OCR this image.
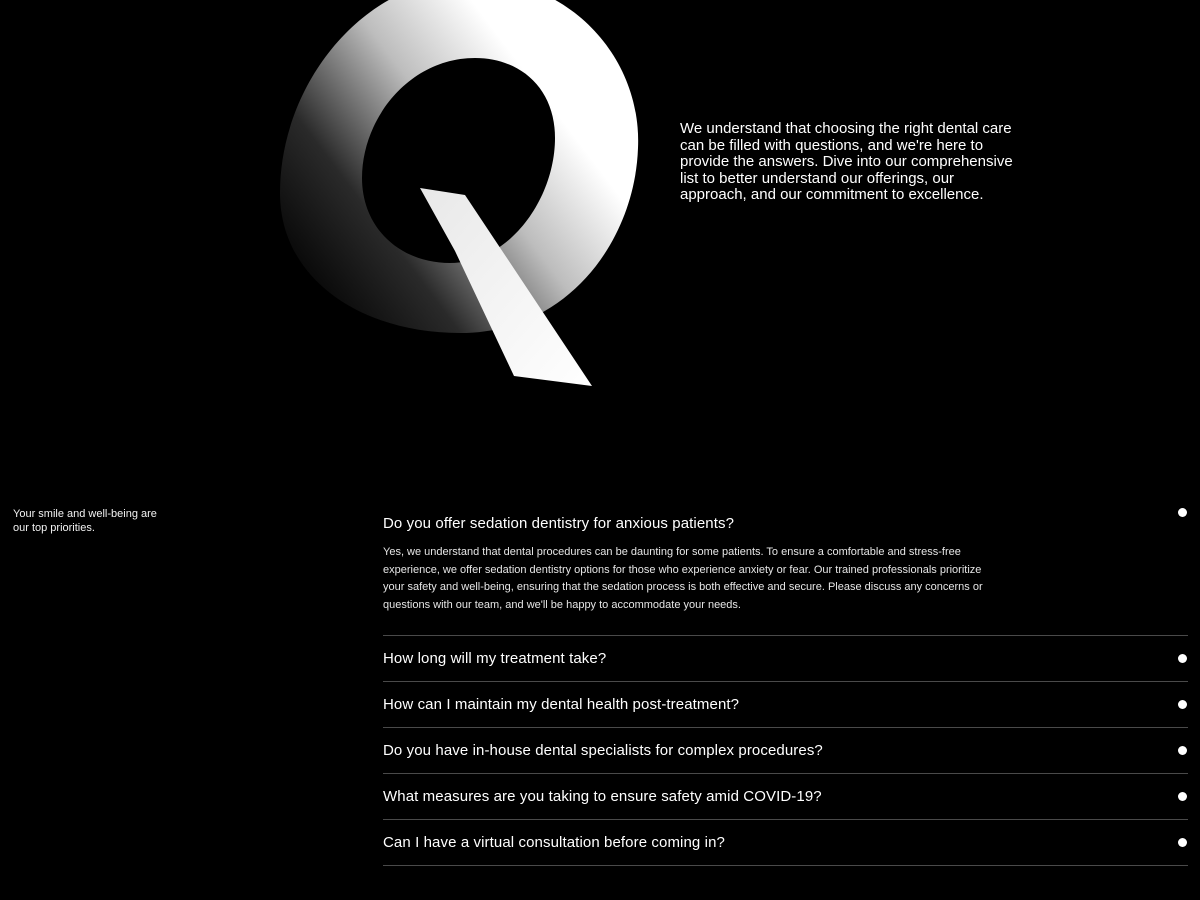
We understand that choosing the right dental care can be filled with questions, and we're here to provide the answers. Dive into our comprehensive list to better understand our offerings, our approach, and our commitment to excellence.

Your smile and well-being are our top priorities.	Do you offer sedation dentistry for anxious patients?

Yes, we understand that dental procedures can be daunting for some patients. To ensure a comfortable and stress-free experience, we offer sedation dentistry options for those who experience anxiety or fear. Our trained professionals prioritize your safety and well-being, ensuring that the sedation process is both effective and secure. Please discuss any concerns or questions with our team, and we'll be happy to accommodate your needs.

How long will my treatment take?
How can I maintain my dental health post-treatment?
Do you have in-house dental specialists for complex procedures?
What measures are you taking to ensure safety amid COVID-19?
Can I have a virtual consultation before coming in?
